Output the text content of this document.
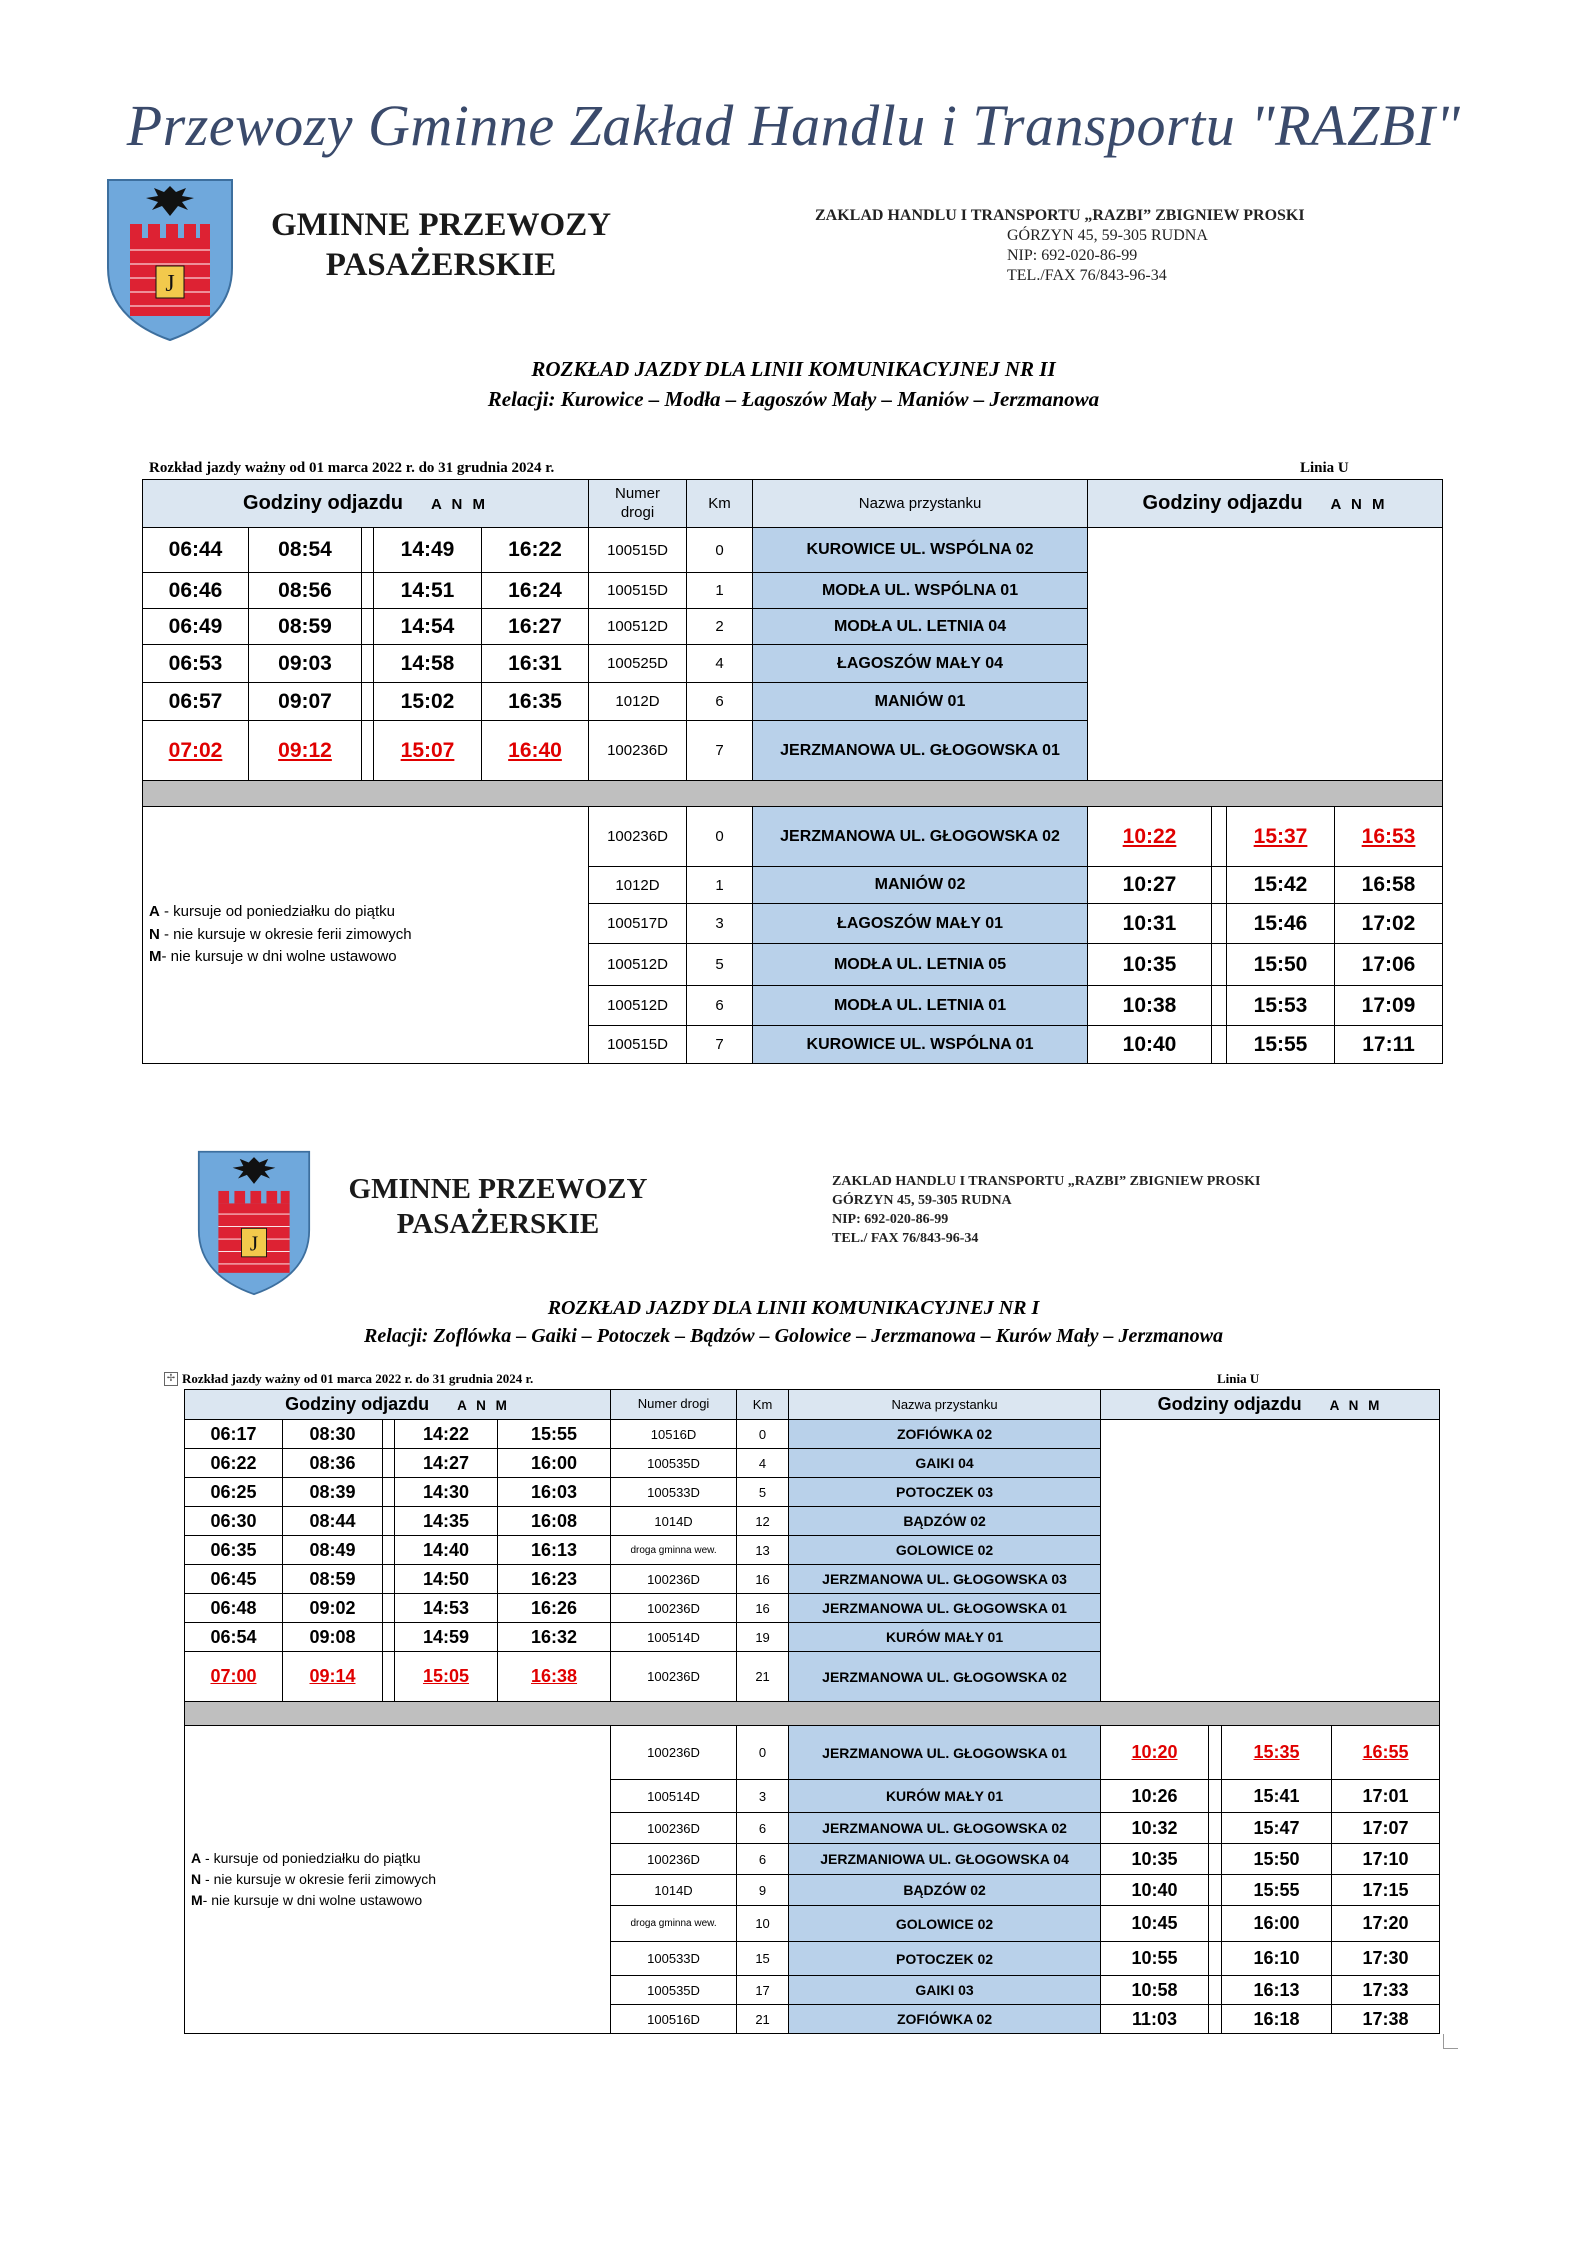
Przewozy Gminne Zakład Handlu i Transportu "RAZBI"
J
GMINNE PRZEWOZY
PASAŻERSKIE
ZAKLAD HANDLU I TRANSPORTU „RAZBI” ZBIGNIEW PROSKI
GÓRZYN 45, 59-305 RUDNA
NIP: 692-020-86-99
TEL./FAX 76/843-96-34
ROZKŁAD JAZDY DLA LINII KOMUNIKACYJNEJ NR II
Relacji: Kurowice – Modła – Łagoszów Mały – Maniów – Jerzmanowa
Rozkład jazdy ważny od 01 marca 2022 r. do 31 grudnia 2024 r.	Linia U
Godziny odjazdu A N M					Numer
drogi	Km	Nazwa przystanku	Godziny odjazdu A N M			
06:44	08:54		14:49	16:22	100515D	0	KUROWICE UL. WSPÓLNA 02				
06:46	08:56		14:51	16:24	100515D	1	MODŁA UL. WSPÓLNA 01				
06:49	08:59		14:54	16:27	100512D	2	MODŁA UL. LETNIA 04				
06:53	09:03		14:58	16:31	100525D	4	ŁAGOSZÓW MAŁY 04				
06:57	09:07		15:02	16:35	1012D	6	MANIÓW 01				
07:02	09:12		15:07	16:40	100236D	7	JERZMANOWA UL. GŁOGOWSKA 01				

A - kursuje od poniedziałku do piątku
N - nie kursuje w okresie ferii zimowych
M- nie kursuje w dni wolne ustawowo					100236D	0	JERZMANOWA UL. GŁOGOWSKA 02	10:22		15:37	16:53
					1012D	1	MANIÓW 02	10:27		15:42	16:58
					100517D	3	ŁAGOSZÓW MAŁY 01	10:31		15:46	17:02
					100512D	5	MODŁA UL. LETNIA 05	10:35		15:50	17:06
					100512D	6	MODŁA UL. LETNIA 01	10:38		15:53	17:09
					100515D	7	KUROWICE UL. WSPÓLNA 01	10:40		15:55	17:11
J
GMINNE PRZEWOZY
PASAŻERSKIE
ZAKLAD HANDLU I TRANSPORTU „RAZBI” ZBIGNIEW PROSKI
GÓRZYN 45, 59-305 RUDNA
NIP: 692-020-86-99
TEL./ FAX 76/843-96-34
ROZKŁAD JAZDY DLA LINII KOMUNIKACYJNEJ NR I
Relacji: Zoflówka – Gaiki – Potoczek – Bądzów – Golowice – Jerzmanowa – Kurów Mały – Jerzmanowa
✢ Rozkład jazdy ważny od 01 marca 2022 r. do 31 grudnia 2024 r.	Linia U
Godziny odjazdu A N M					Numer drogi	Km	Nazwa przystanku	Godziny odjazdu A N M			
06:17	08:30		14:22	15:55	10516D	0	ZOFIÓWKA 02				
06:22	08:36		14:27	16:00	100535D	4	GAIKI 04				
06:25	08:39		14:30	16:03	100533D	5	POTOCZEK 03				
06:30	08:44		14:35	16:08	1014D	12	BĄDZÓW 02				
06:35	08:49		14:40	16:13	droga gminna wew.	13	GOLOWICE 02				
06:45	08:59		14:50	16:23	100236D	16	JERZMANOWA UL. GŁOGOWSKA 03				
06:48	09:02		14:53	16:26	100236D	16	JERZMANOWA UL. GŁOGOWSKA 01				
06:54	09:08		14:59	16:32	100514D	19	KURÓW MAŁY 01				
07:00	09:14		15:05	16:38	100236D	21	JERZMANOWA UL. GŁOGOWSKA 02				

A - kursuje od poniedziałku do piątku
N - nie kursuje w okresie ferii zimowych
M- nie kursuje w dni wolne ustawowo					100236D	0	JERZMANOWA UL. GŁOGOWSKA 01	10:20		15:35	16:55
					100514D	3	KURÓW MAŁY 01	10:26		15:41	17:01
					100236D	6	JERZMANOWA UL. GŁOGOWSKA 02	10:32		15:47	17:07
					100236D	6	JERZMANIOWA UL. GŁOGOWSKA 04	10:35		15:50	17:10
					1014D	9	BĄDZÓW 02	10:40		15:55	17:15
					droga gminna wew.	10	GOLOWICE 02	10:45		16:00	17:20
					100533D	15	POTOCZEK 02	10:55		16:10	17:30
					100535D	17	GAIKI 03	10:58		16:13	17:33
					100516D	21	ZOFIÓWKA 02	11:03		16:18	17:38
